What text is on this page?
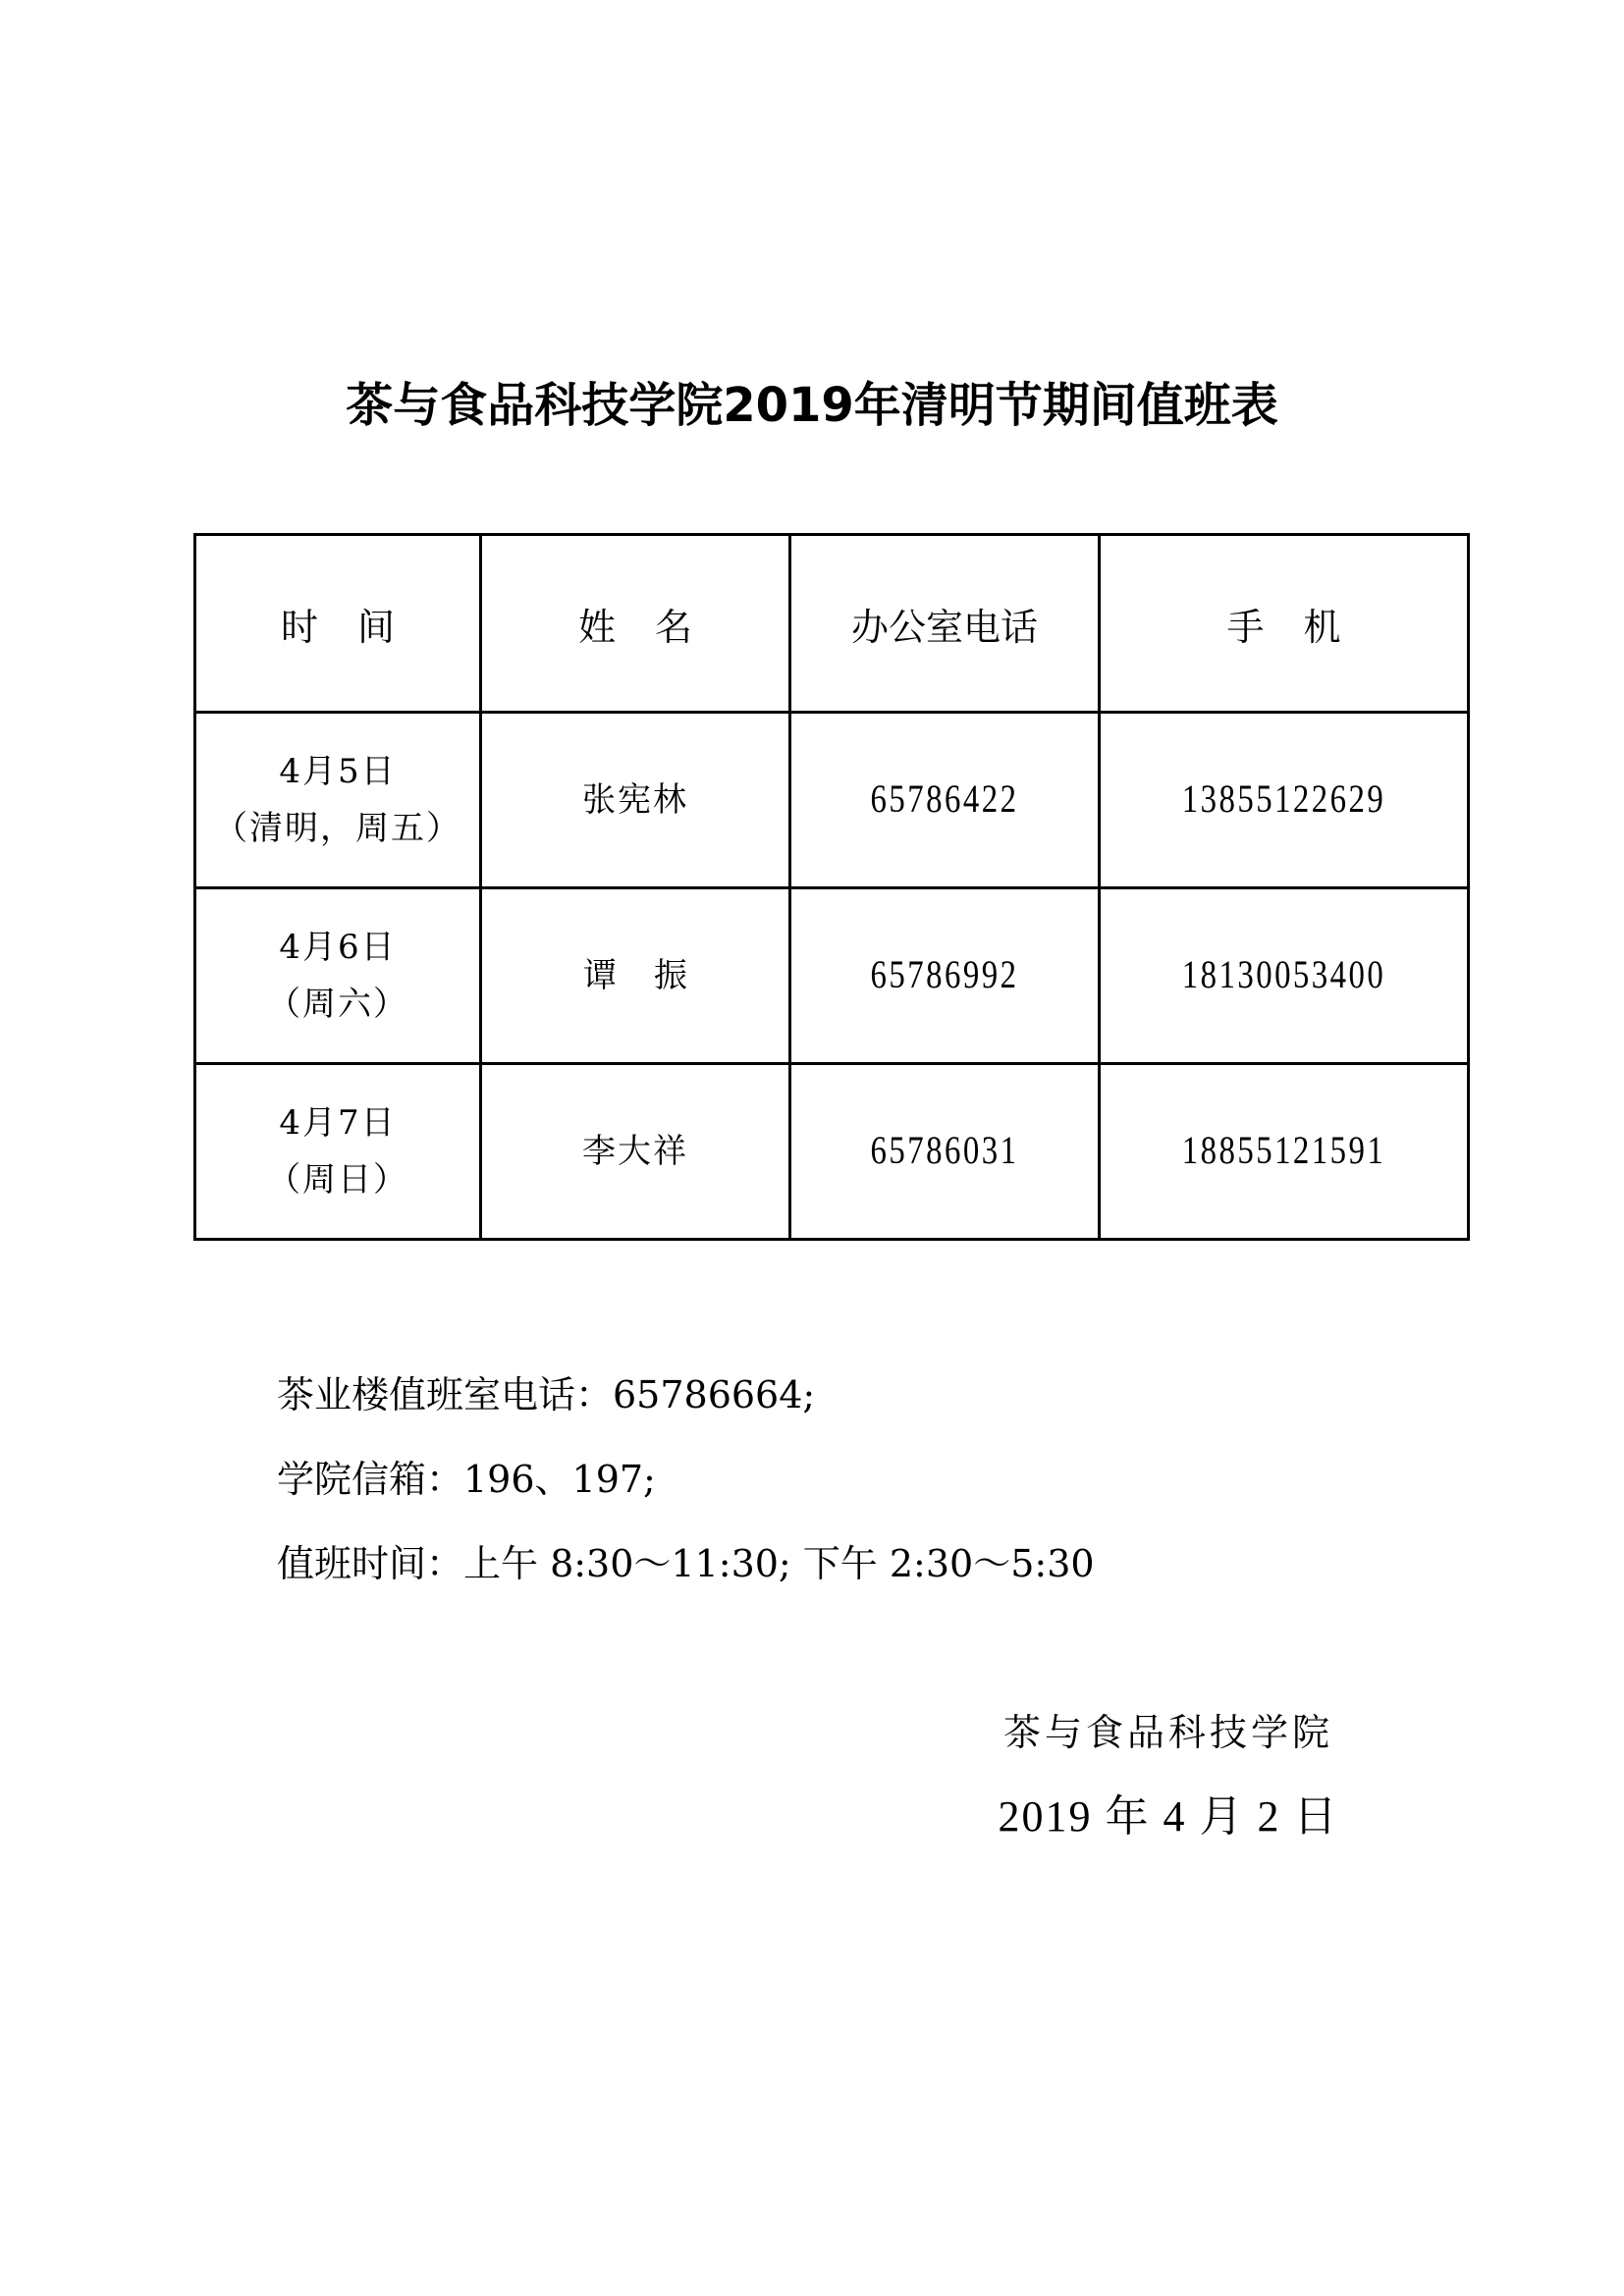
茶与食品科技学院2019年清明节期间值班表
时间	姓名	办公室电话	手机

4月5日
（清明，周五）	张宪林	65786422	13855122629

4月6日
（周六）	谭振	65786992	18130053400

4月7日
（周日）	李大祥	65786031	18855121591
茶业楼值班室电话：65786664;
学院信箱：196、197;
值班时间：上午 8:30～11:30; 下午 2:30～5:30
茶与食品科技学院
2019 年 4 月 2 日
